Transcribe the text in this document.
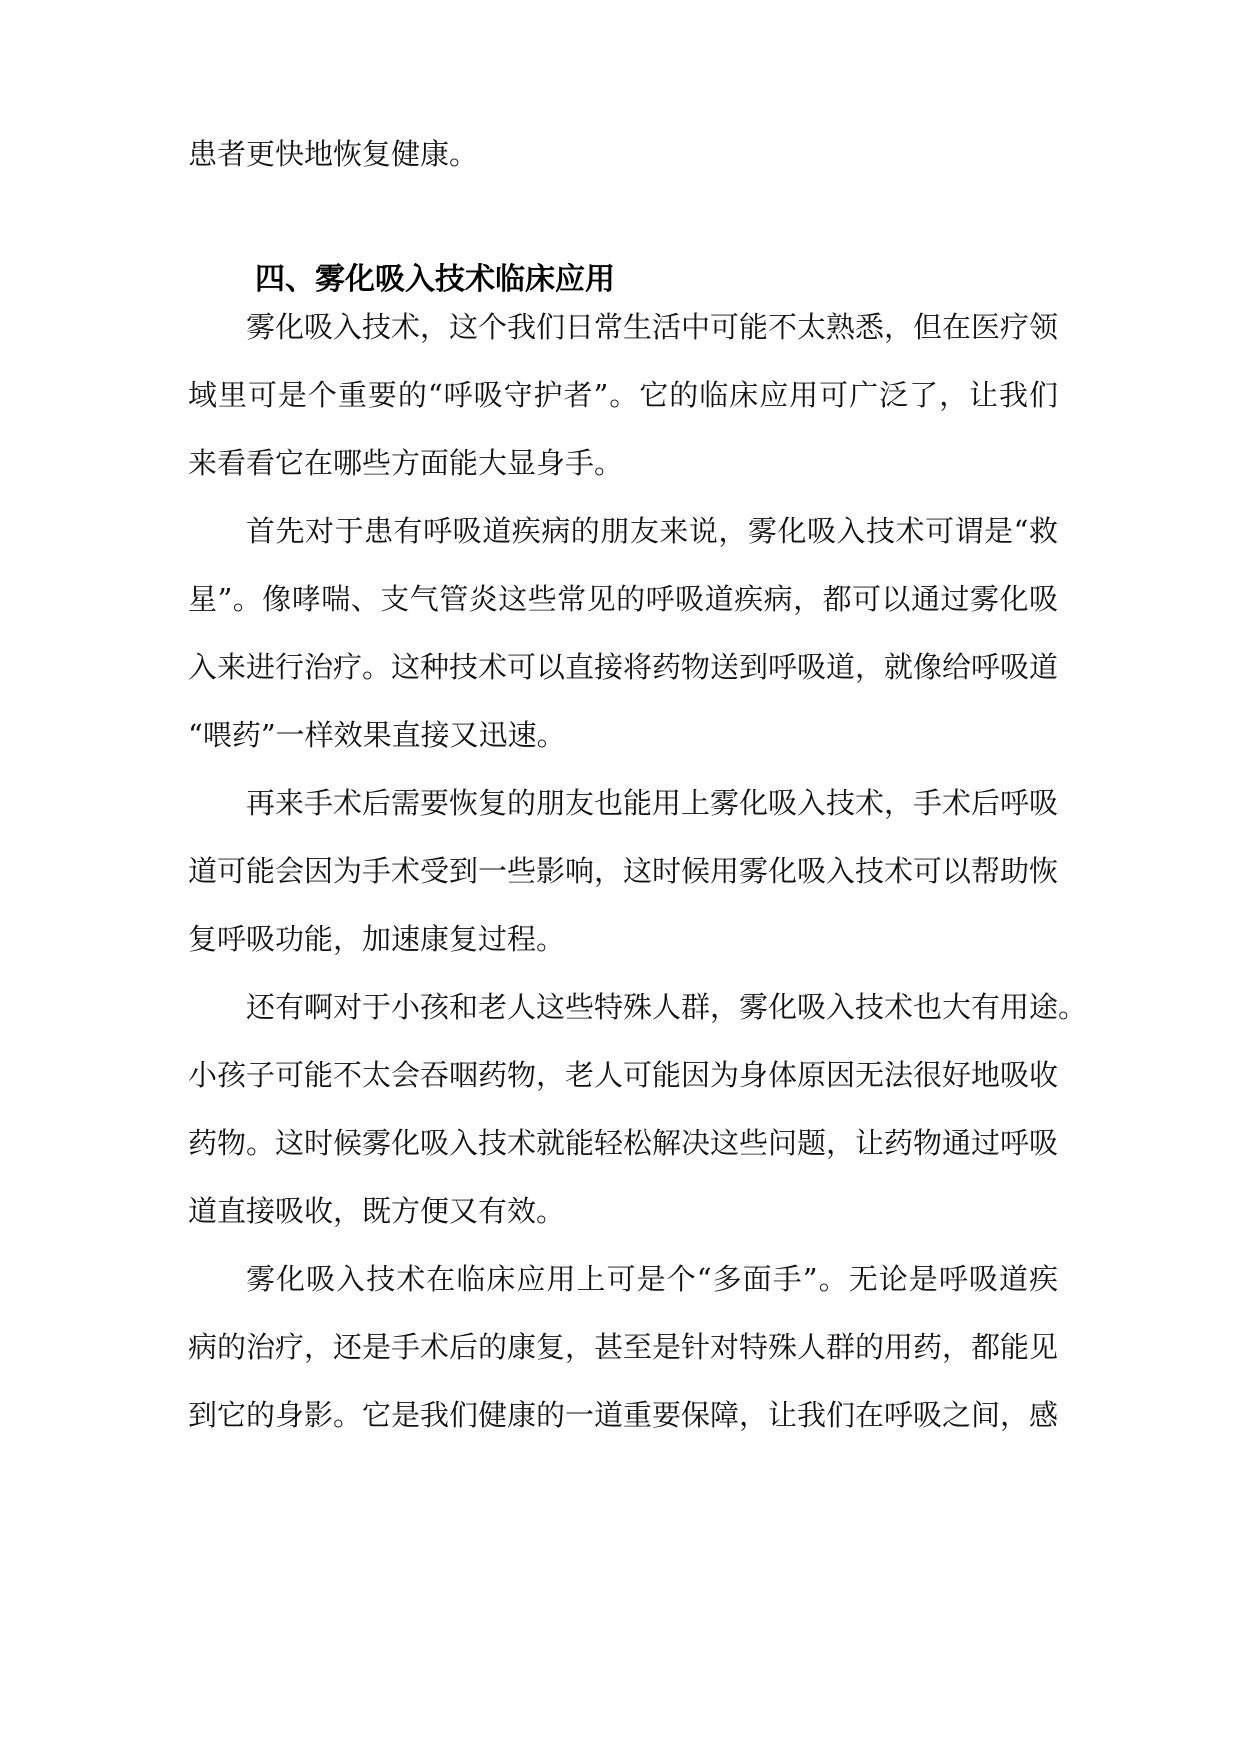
患者更快地恢复健康。

四、雾化吸入技术临床应用

雾化吸入技术，这个我们日常生活中可能不太熟悉，但在医疗领

域里可是个重要的“呼吸守护者”。它的临床应用可广泛了，让我们

来看看它在哪些方面能大显身手。

首先对于患有呼吸道疾病的朋友来说，雾化吸入技术可谓是“救

星”。像哮喘、支气管炎这些常见的呼吸道疾病，都可以通过雾化吸

入来进行治疗。这种技术可以直接将药物送到呼吸道，就像给呼吸道

“喂药”一样效果直接又迅速。

再来手术后需要恢复的朋友也能用上雾化吸入技术，手术后呼吸

道可能会因为手术受到一些影响，这时候用雾化吸入技术可以帮助恢

复呼吸功能，加速康复过程。

还有啊对于小孩和老人这些特殊人群，雾化吸入技术也大有用途。

小孩子可能不太会吞咽药物，老人可能因为身体原因无法很好地吸收

药物。这时候雾化吸入技术就能轻松解决这些问题，让药物通过呼吸

道直接吸收，既方便又有效。

雾化吸入技术在临床应用上可是个“多面手”。无论是呼吸道疾

病的治疗，还是手术后的康复，甚至是针对特殊人群的用药，都能见

到它的身影。它是我们健康的一道重要保障，让我们在呼吸之间，感
